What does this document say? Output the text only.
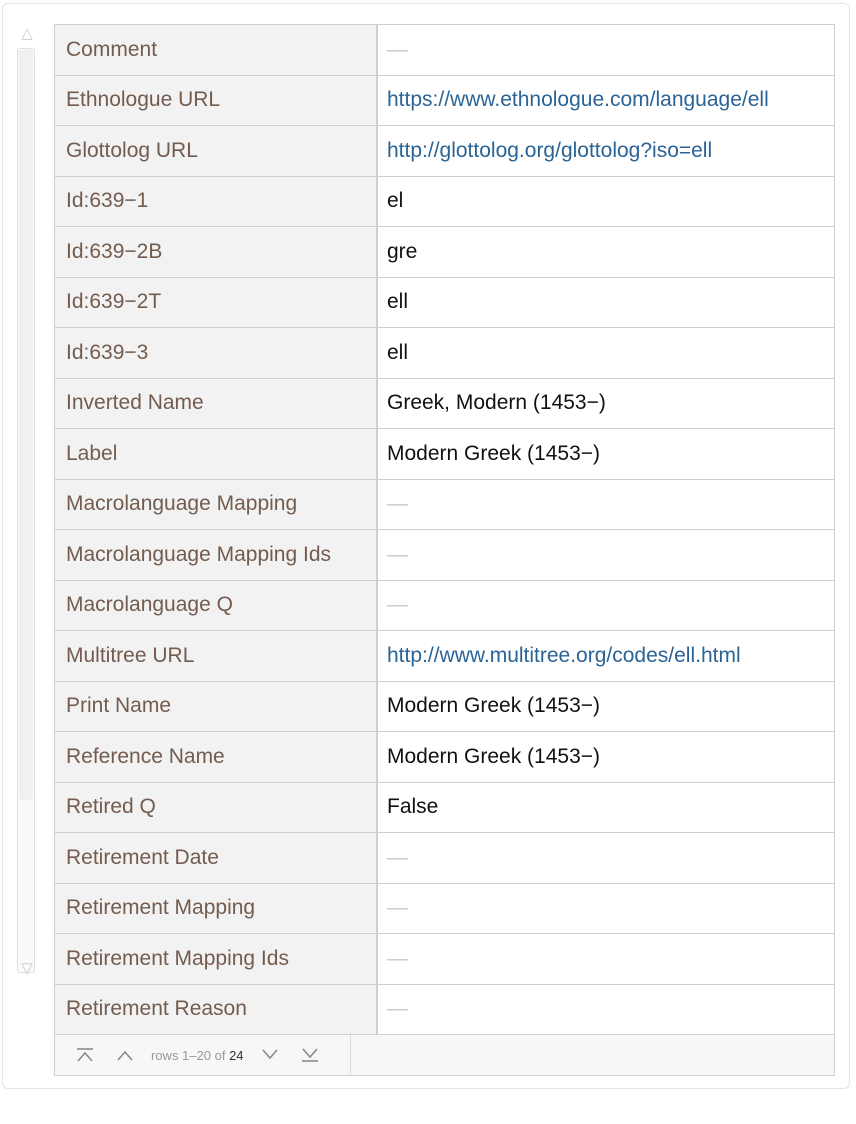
△
▽
Comment	—
Ethnologue URL	https://www.ethnologue.com/language/ell
Glottolog URL	http://glottolog.org/glottolog?iso=ell
Id:639−1	el
Id:639−2B	gre
Id:639−2T	ell
Id:639−3	ell
Inverted Name	Greek, Modern (1453−)
Label	Modern Greek (1453−)
Macrolanguage Mapping	—
Macrolanguage Mapping Ids	—
Macrolanguage Q	—
Multitree URL	http://www.multitree.org/codes/ell.html
Print Name	Modern Greek (1453−)
Reference Name	Modern Greek (1453−)
Retired Q	False
Retirement Date	—
Retirement Mapping	—
Retirement Mapping Ids	—
Retirement Reason	—
rows 1–20 of 24
